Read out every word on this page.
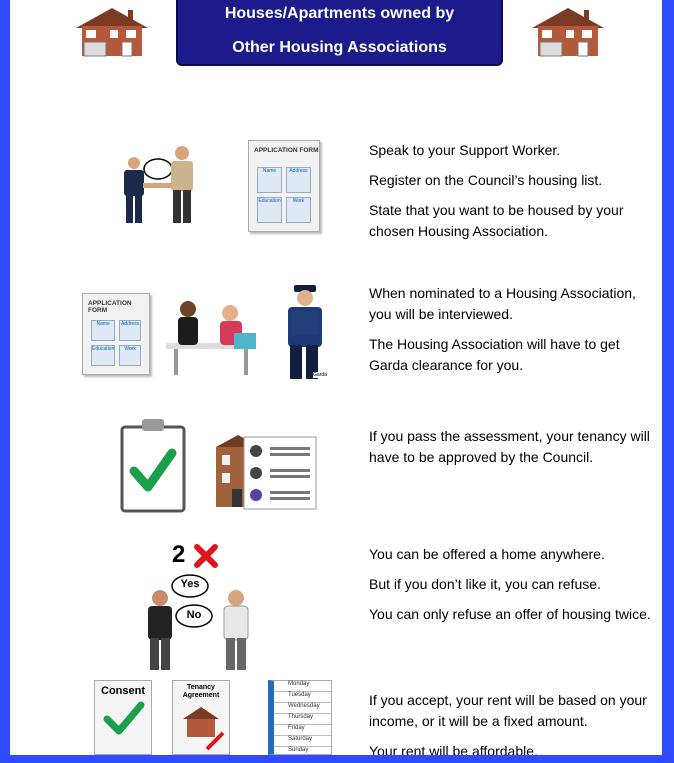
Houses/Apartments owned by
Other Housing Associations
APPLICATION FORM
Name	Address
Education	Work

Speak to your Support Worker.

Register on the Council’s housing list.

State that you want to be housed by your chosen Housing Association.

APPLICATION FORM
Name	Address
Education	Work
Garda

When nominated to a Housing Association, you will be interviewed.

The Housing Association will have to get Garda clearance for you.

If you pass the assessment, your tenancy will have to be approved by the Council.

2
Yes
No

You can be offered a home anywhere.

But if you don’t like it, you can refuse.

You can only refuse an offer of housing twice.

Consent	Tenancy Agreement
Monday
Tuesday
Wednesday
Thursday
Friday
Saturday
Sunday

If you accept, your rent will be based on your income, or it will be a fixed amount.

Your rent will be affordable.
